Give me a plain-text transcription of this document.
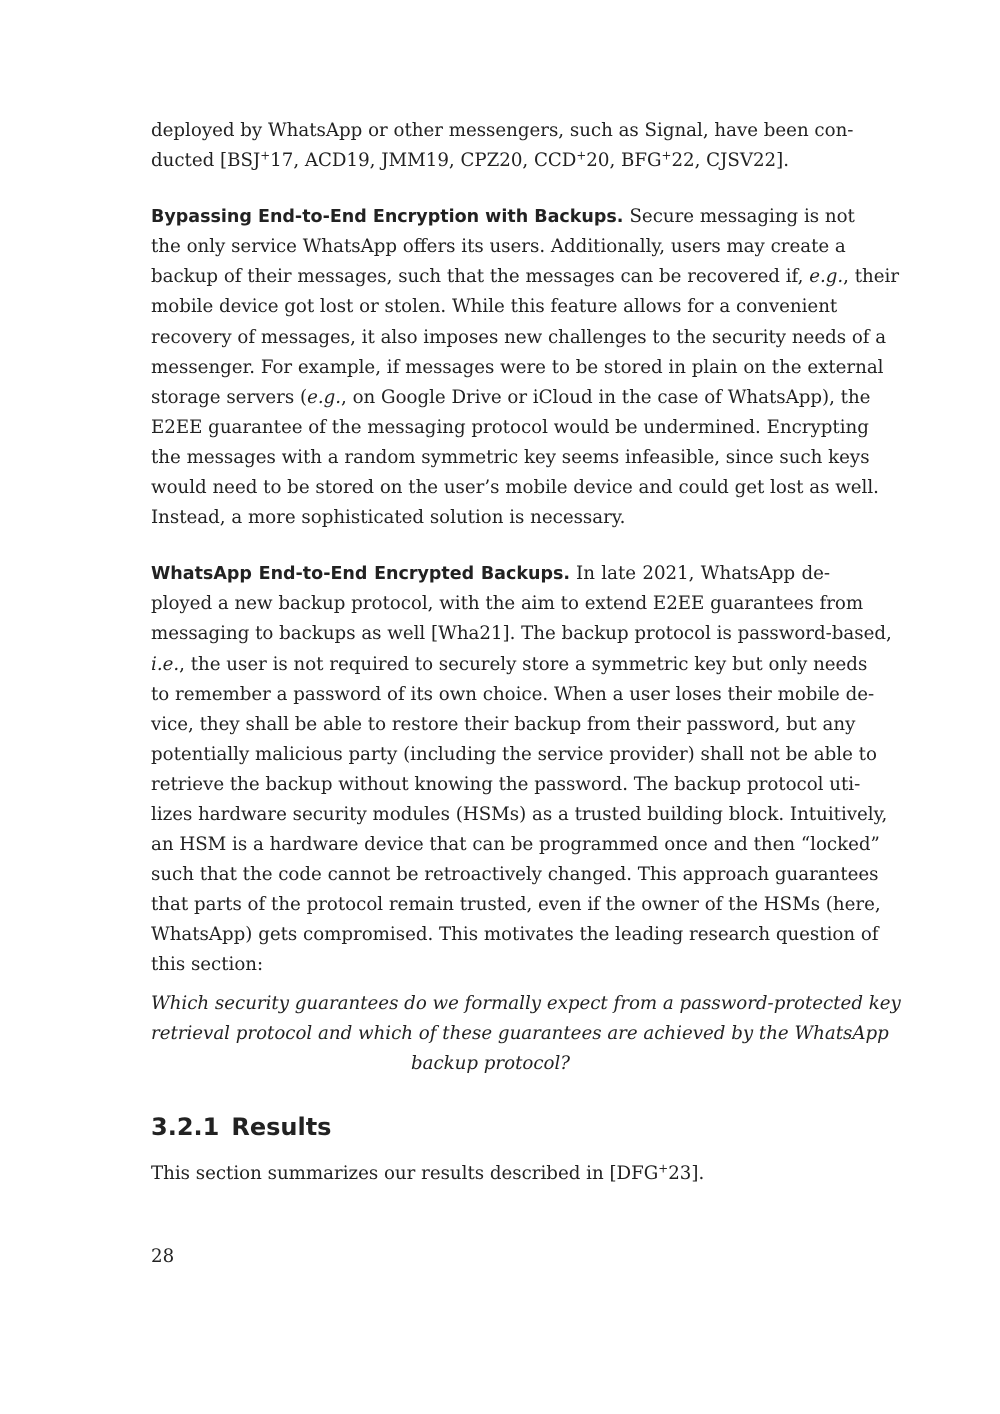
deployed by WhatsApp or other messengers, such as Signal, have been con-
ducted [BSJ+17, ACD19, JMM19, CPZ20, CCD+20, BFG+22, CJSV22].

Bypassing End-to-End Encryption with Backups. Secure messaging is not
the only service WhatsApp offers its users. Additionally, users may create a
backup of their messages, such that the messages can be recovered if, e.g., their
mobile device got lost or stolen. While this feature allows for a convenient
recovery of messages, it also imposes new challenges to the security needs of a
messenger. For example, if messages were to be stored in plain on the external
storage servers (e.g., on Google Drive or iCloud in the case of WhatsApp), the
E2EE guarantee of the messaging protocol would be undermined. Encrypting
the messages with a random symmetric key seems infeasible, since such keys
would need to be stored on the user’s mobile device and could get lost as well.
Instead, a more sophisticated solution is necessary.

WhatsApp End-to-End Encrypted Backups. In late 2021, WhatsApp de-
ployed a new backup protocol, with the aim to extend E2EE guarantees from
messaging to backups as well [Wha21]. The backup protocol is password-based,
i.e., the user is not required to securely store a symmetric key but only needs
to remember a password of its own choice. When a user loses their mobile de-
vice, they shall be able to restore their backup from their password, but any
potentially malicious party (including the service provider) shall not be able to
retrieve the backup without knowing the password. The backup protocol uti-
lizes hardware security modules (HSMs) as a trusted building block. Intuitively,
an HSM is a hardware device that can be programmed once and then “locked”
such that the code cannot be retroactively changed. This approach guarantees
that parts of the protocol remain trusted, even if the owner of the HSMs (here,
WhatsApp) gets compromised. This motivates the leading research question of
this section:

Which security guarantees do we formally expect from a password-protected key
retrieval protocol and which of these guarantees are achieved by the WhatsApp
backup protocol?

3.2.1 Results
This section summarizes our results described in [DFG+23].
28
